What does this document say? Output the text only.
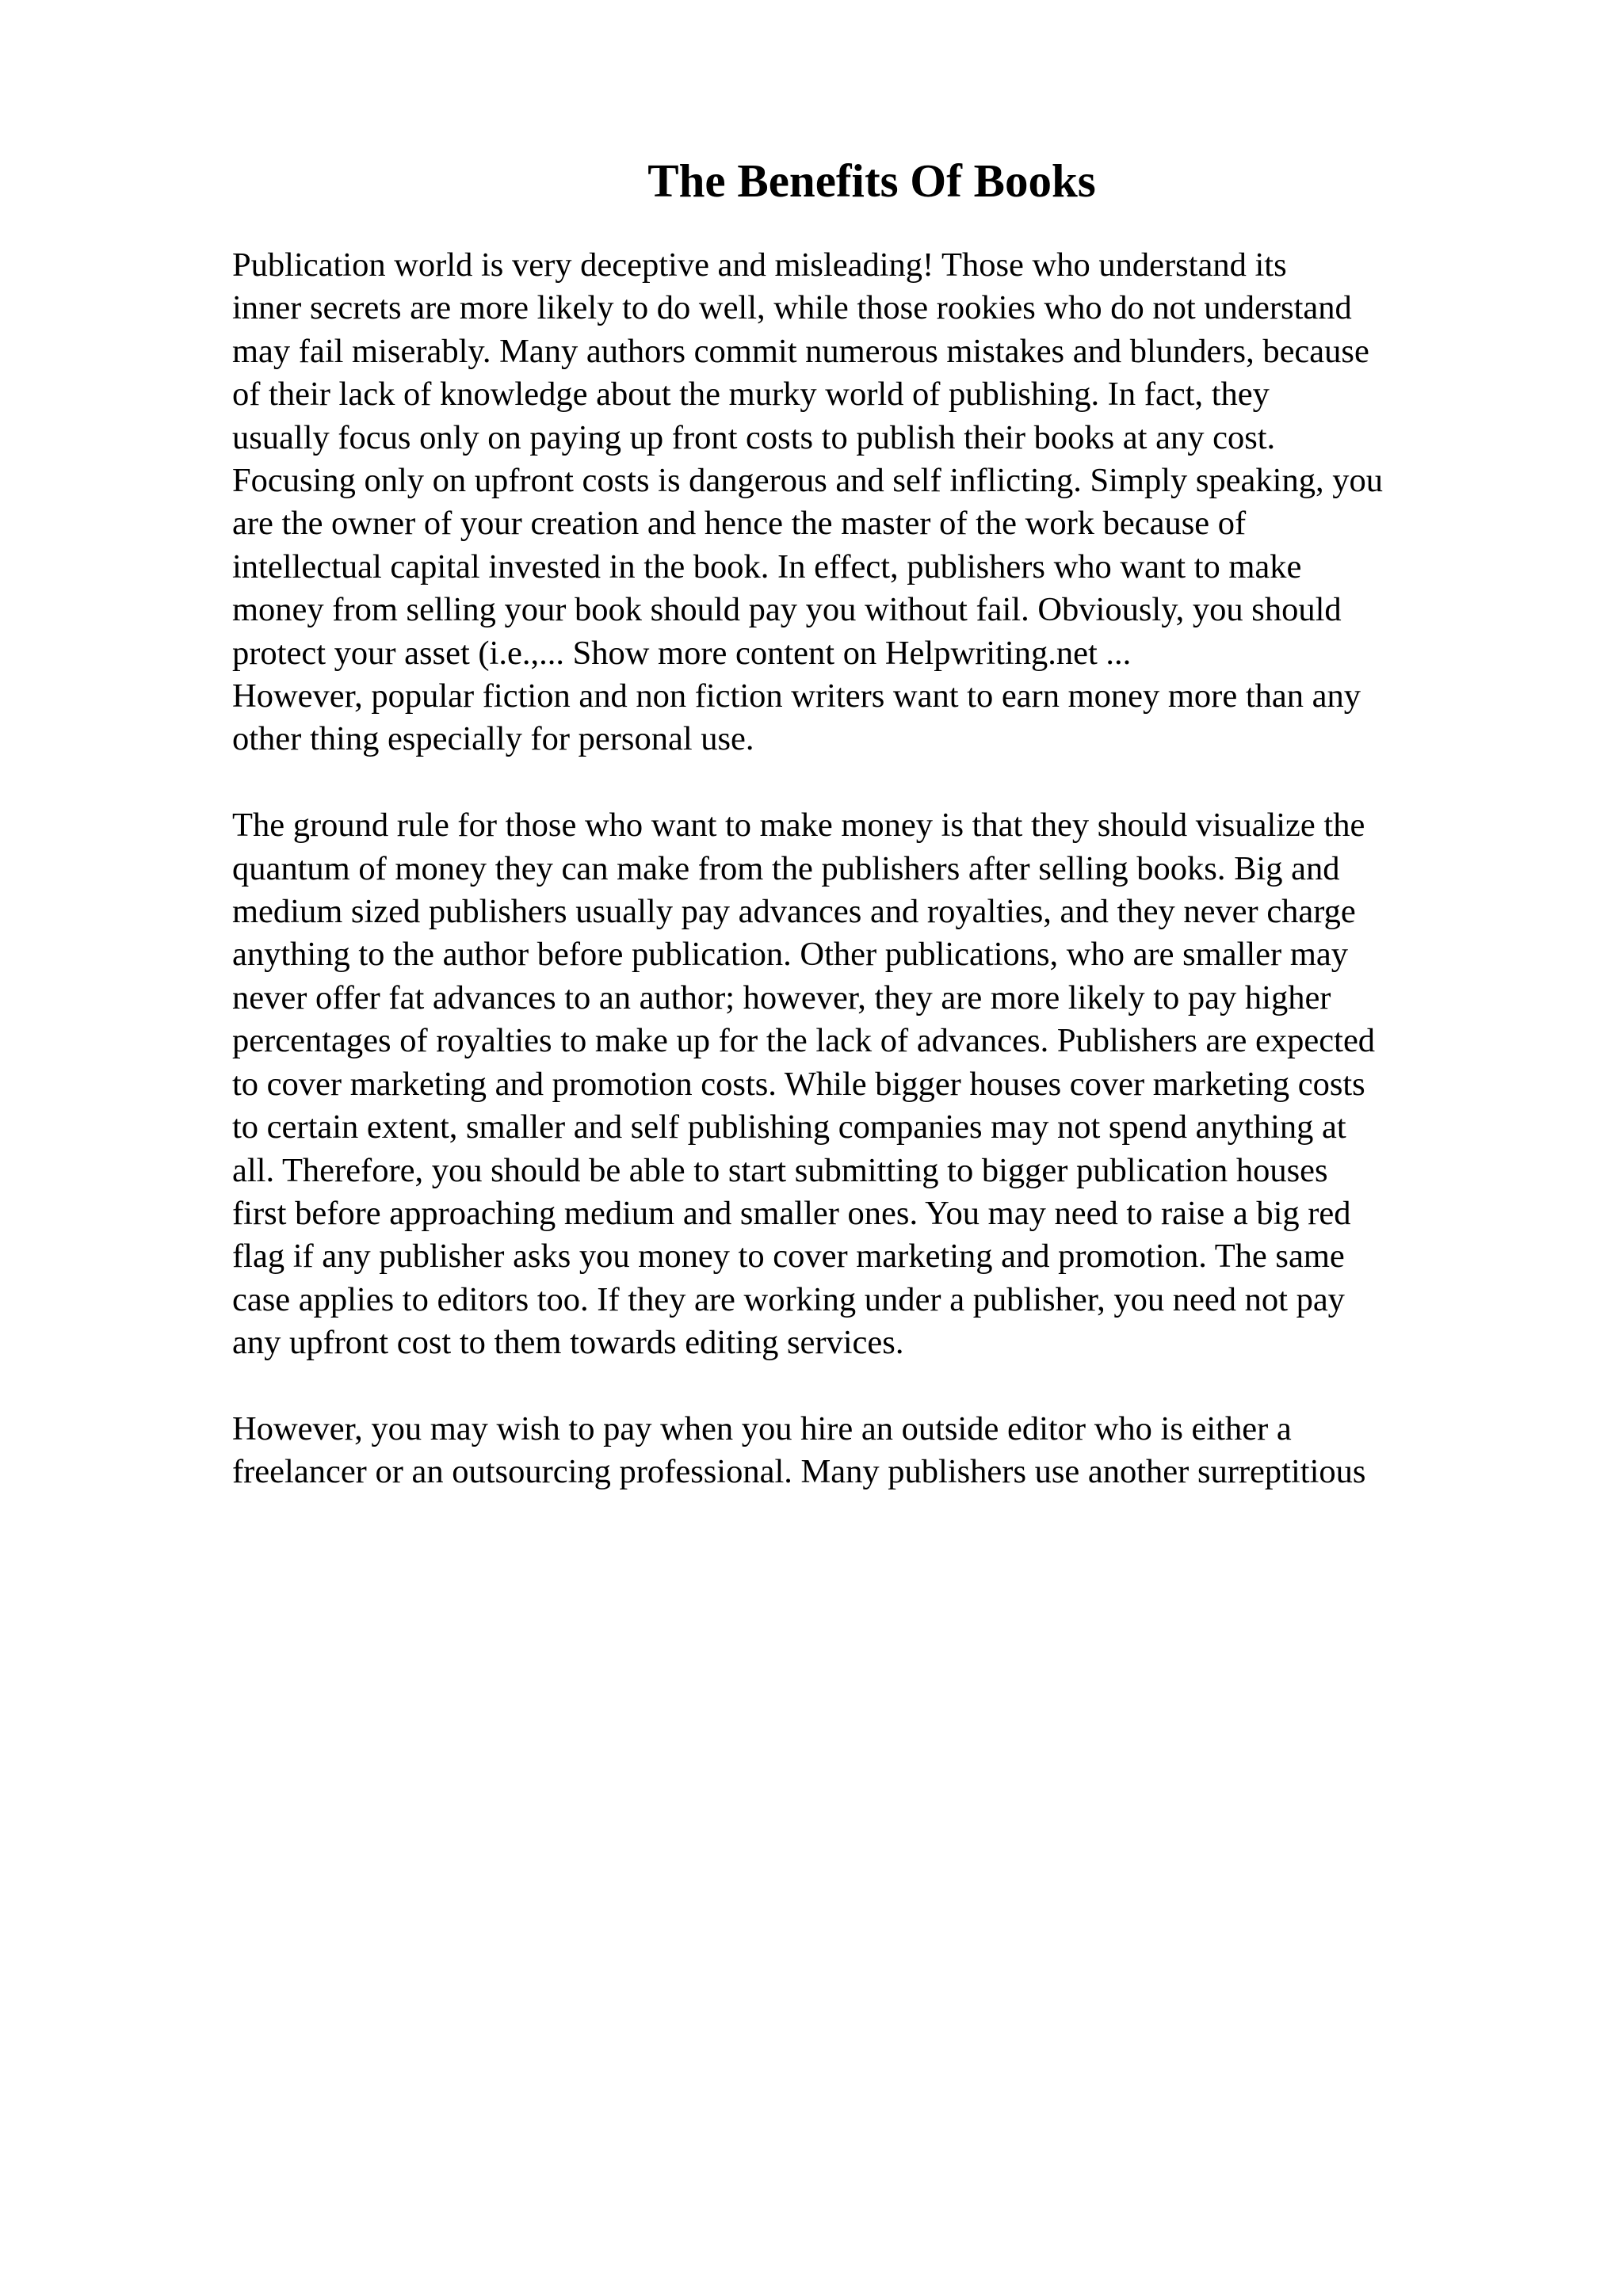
The Benefits Of Books
Publication world is very deceptive and misleading! Those who understand its
inner secrets are more likely to do well, while those rookies who do not understand
may fail miserably. Many authors commit numerous mistakes and blunders, because
of their lack of knowledge about the murky world of publishing. In fact, they
usually focus only on paying up front costs to publish their books at any cost.
Focusing only on upfront costs is dangerous and self inflicting. Simply speaking, you
are the owner of your creation and hence the master of the work because of
intellectual capital invested in the book. In effect, publishers who want to make
money from selling your book should pay you without fail. Obviously, you should
protect your asset (i.e.,... Show more content on Helpwriting.net ...
However, popular fiction and non fiction writers want to earn money more than any
other thing especially for personal use.
The ground rule for those who want to make money is that they should visualize the
quantum of money they can make from the publishers after selling books. Big and
medium sized publishers usually pay advances and royalties, and they never charge
anything to the author before publication. Other publications, who are smaller may
never offer fat advances to an author; however, they are more likely to pay higher
percentages of royalties to make up for the lack of advances. Publishers are expected
to cover marketing and promotion costs. While bigger houses cover marketing costs
to certain extent, smaller and self publishing companies may not spend anything at
all. Therefore, you should be able to start submitting to bigger publication houses
first before approaching medium and smaller ones. You may need to raise a big red
flag if any publisher asks you money to cover marketing and promotion. The same
case applies to editors too. If they are working under a publisher, you need not pay
any upfront cost to them towards editing services.
However, you may wish to pay when you hire an outside editor who is either a
freelancer or an outsourcing professional. Many publishers use another surreptitious
